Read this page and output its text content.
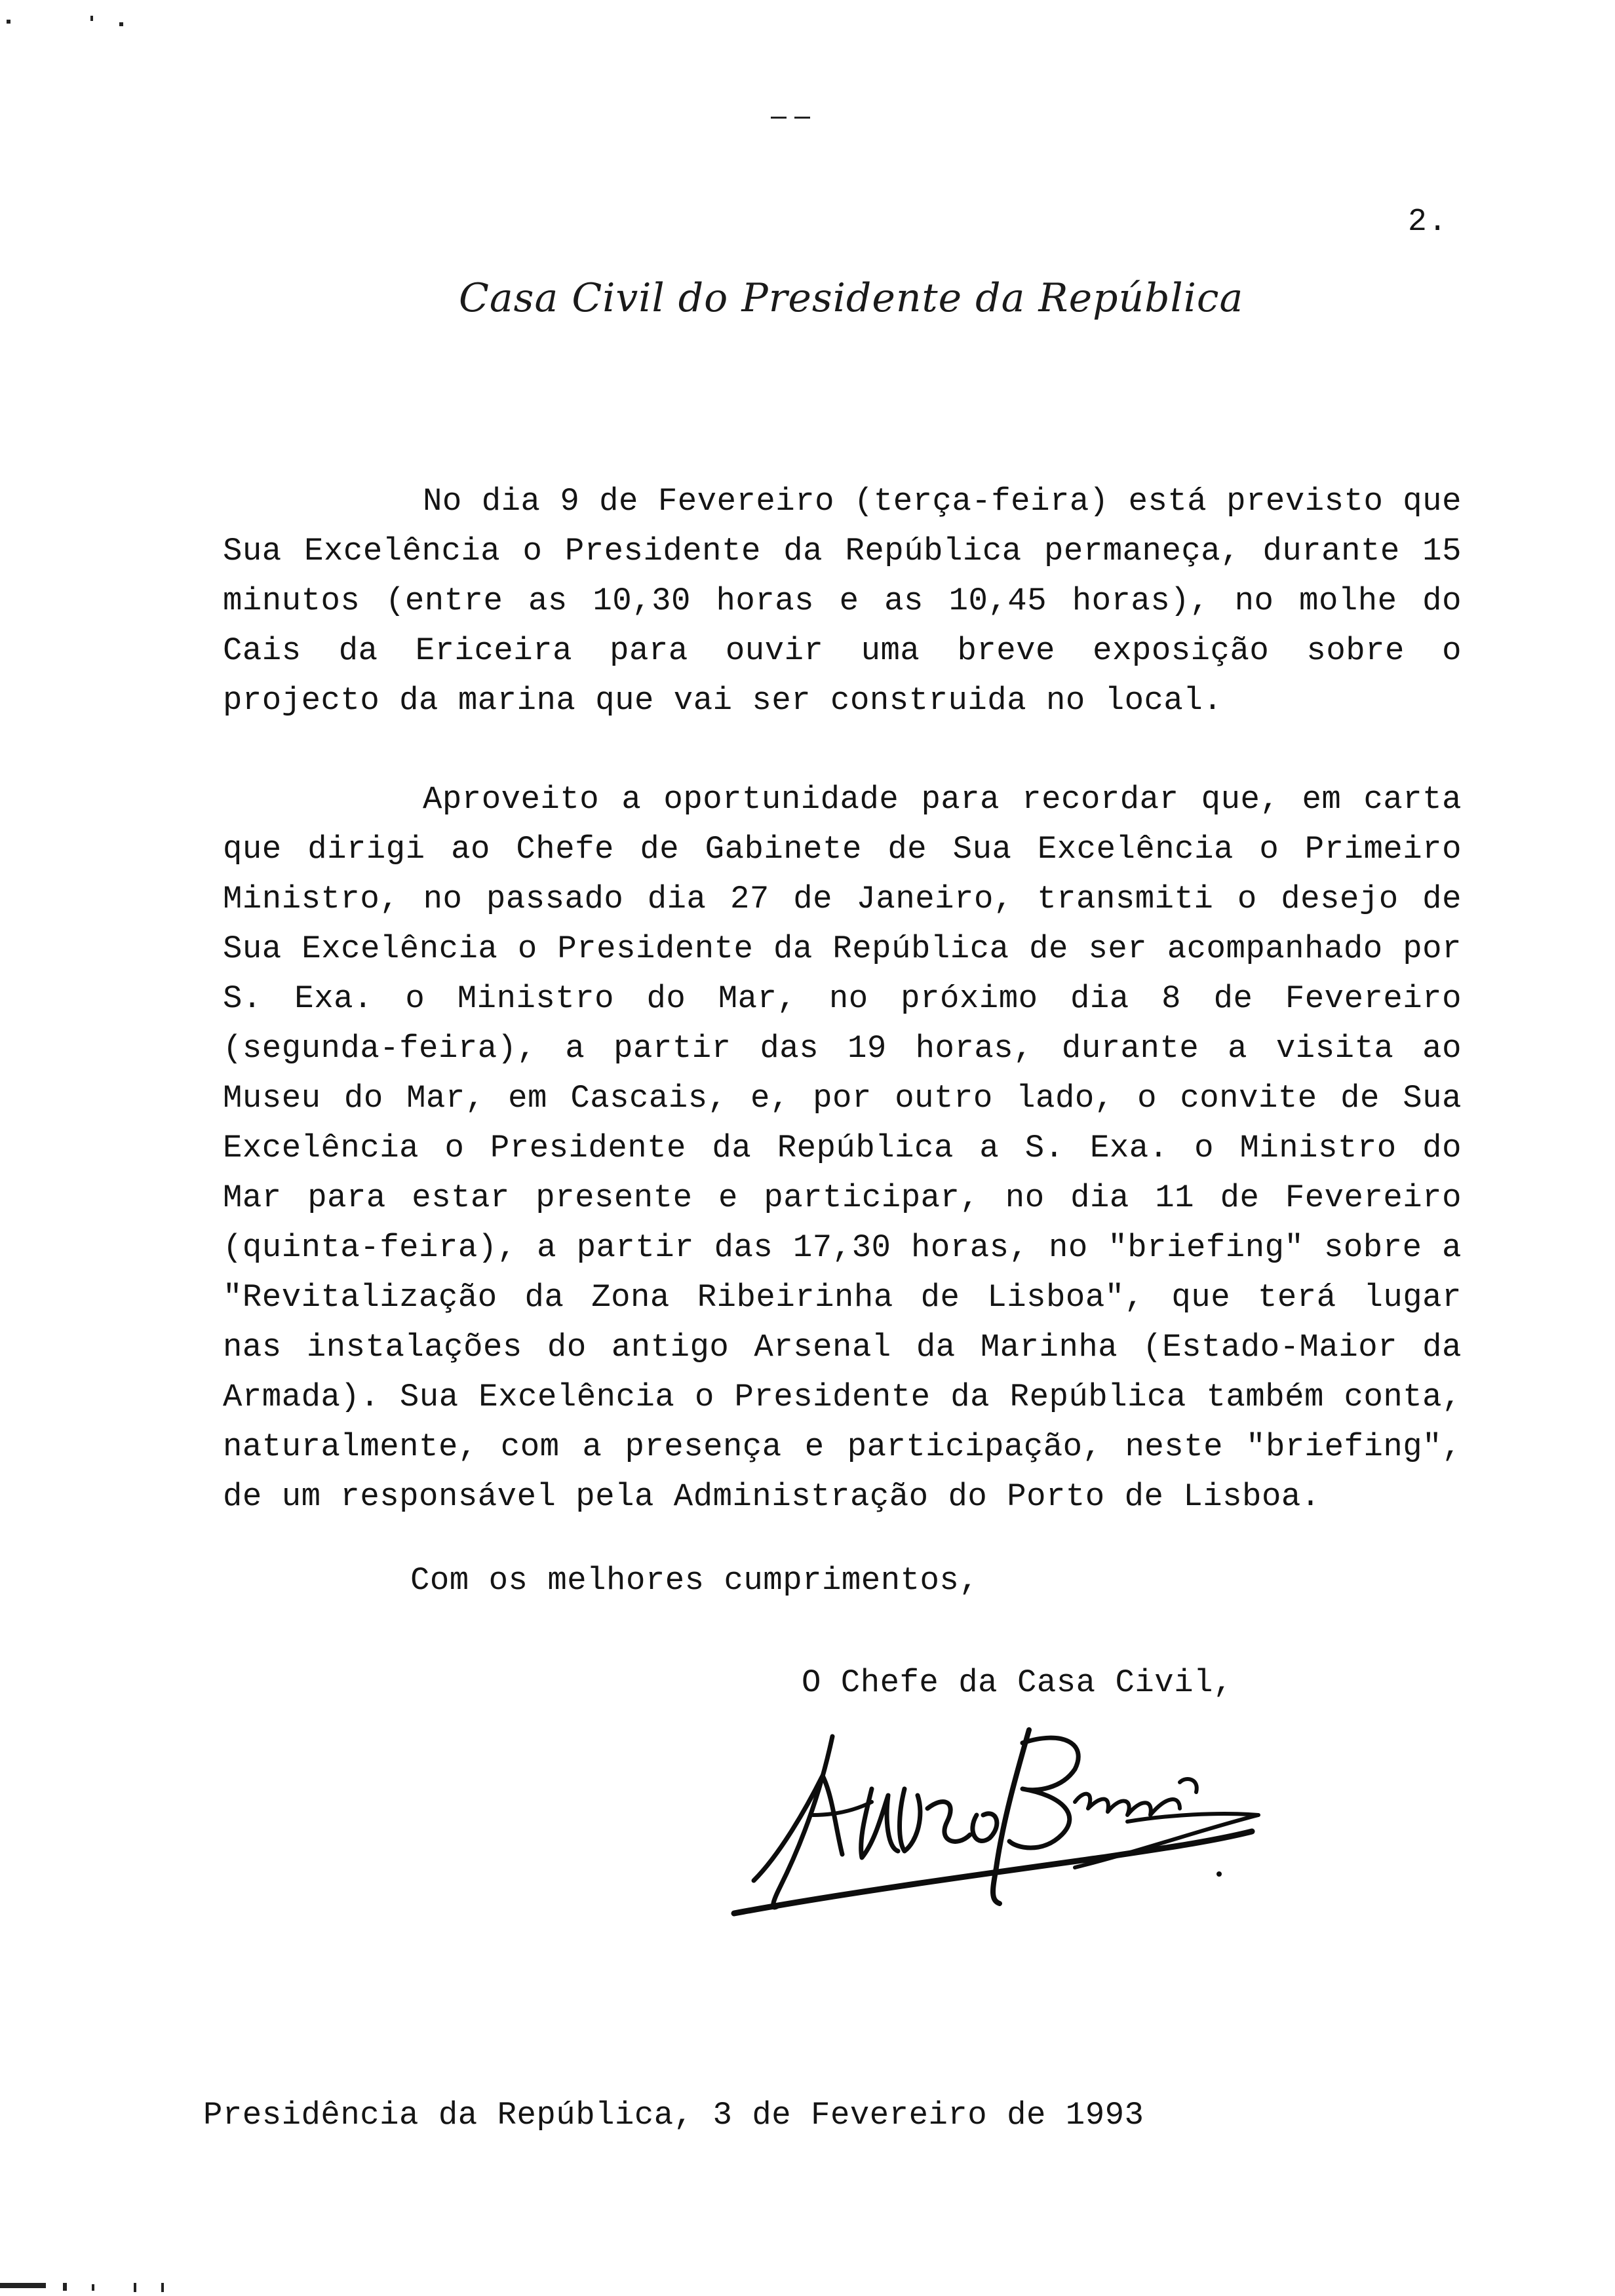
2.
Casa Civil do Presidente da República
No dia 9 de Fevereiro (terça-feira) está previsto que Sua Excelência o Presidente da República permaneça, durante 15 minutos (entre as 10,30 horas e as 10,45 horas), no molhe do Cais da Ericeira para ouvir uma breve exposição sobre o projecto da marina que vai ser construida no local.
Aproveito a oportunidade para recordar que, em carta que dirigi ao Chefe de Gabinete de Sua Excelência o Primeiro Ministro, no passado dia 27 de Janeiro, transmiti o desejo de Sua Excelência o Presidente da República de ser acompanhado por S. Exa. o Ministro do Mar, no próximo dia 8 de Fevereiro (segunda-feira), a partir das 19 horas, durante a visita ao Museu do Mar, em Cascais, e, por outro lado, o convite de Sua Excelência o Presidente da República a S. Exa. o Ministro do Mar para estar presente e participar, no dia 11 de Fevereiro (quinta-feira), a partir das 17,30 horas, no "briefing" sobre a "Revitalização da Zona Ribeirinha de Lisboa", que terá lugar nas instalações do antigo Arsenal da Marinha (Estado-Maior da Armada). Sua Excelência o Presidente da República também conta, naturalmente, com a presença e participação, neste "briefing", de um responsável pela Administração do Porto de Lisboa.
Com os melhores cumprimentos,
O Chefe da Casa Civil,
Presidência da República, 3 de Fevereiro de 1993
